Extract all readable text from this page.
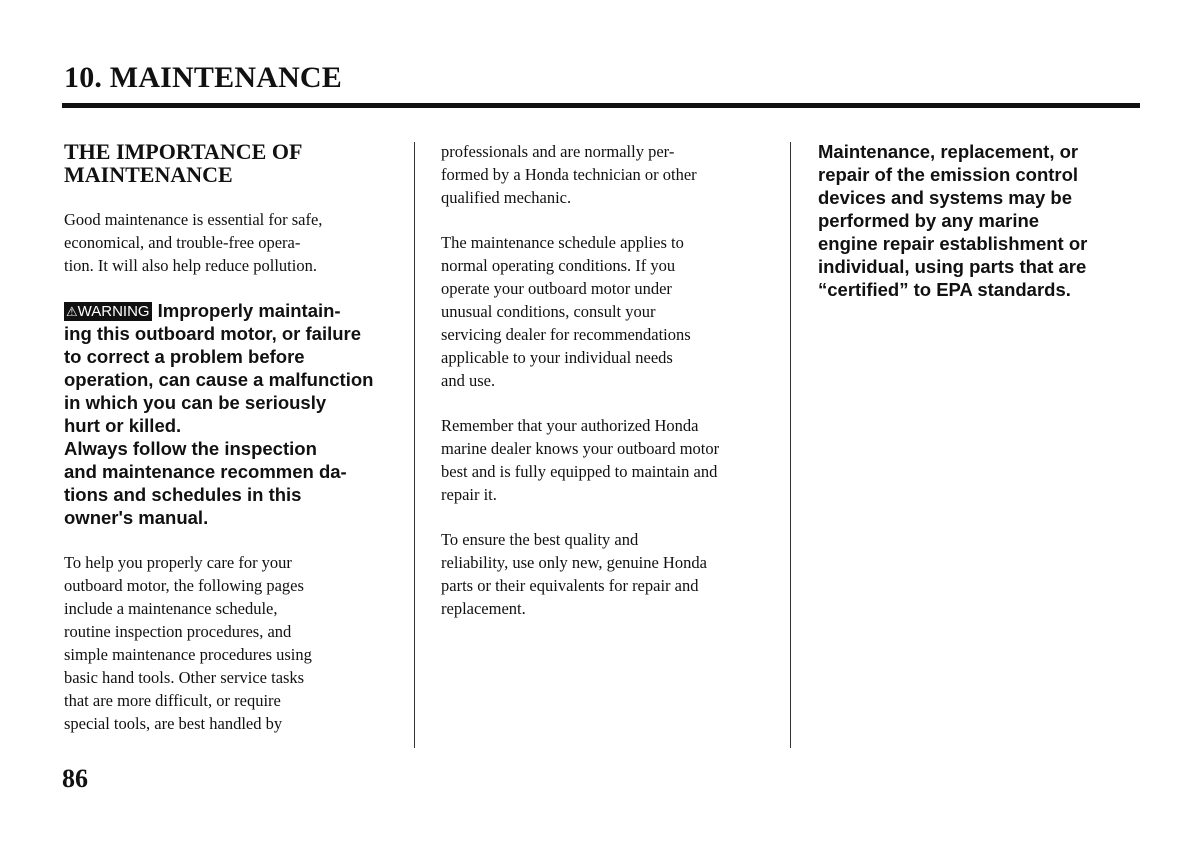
10. MAINTENANCE
THE IMPORTANCE OF
MAINTENANCE

Good maintenance is essential for safe,
economical, and trouble-free opera-
tion. It will also help reduce pollution.

⚠WARNING Improperly maintain-
ing this outboard motor, or failure
to correct a problem before
operation, can cause a malfunction
in which you can be seriously
hurt or killed.
Always follow the inspection
and maintenance recommen da-
tions and schedules in this
owner's manual.

To help you properly care for your
outboard motor, the following pages
include a maintenance schedule,
routine inspection procedures, and
simple maintenance procedures using
basic hand tools. Other service tasks
that are more difficult, or require
special tools, are best handled by

professionals and are normally per-
formed by a Honda technician or other
qualified mechanic.

The maintenance schedule applies to
normal operating conditions. If you
operate your outboard motor under
unusual conditions, consult your
servicing dealer for recommendations
applicable to your individual needs
and use.

Remember that your authorized Honda
marine dealer knows your outboard motor
best and is fully equipped to maintain and
repair it.

To ensure the best quality and
reliability, use only new, genuine Honda
parts or their equivalents for repair and
replacement.

Maintenance, replacement, or
repair of the emission control
devices and systems may be
performed by any marine
engine repair establishment or
individual, using parts that are
“certified” to EPA standards.

86
